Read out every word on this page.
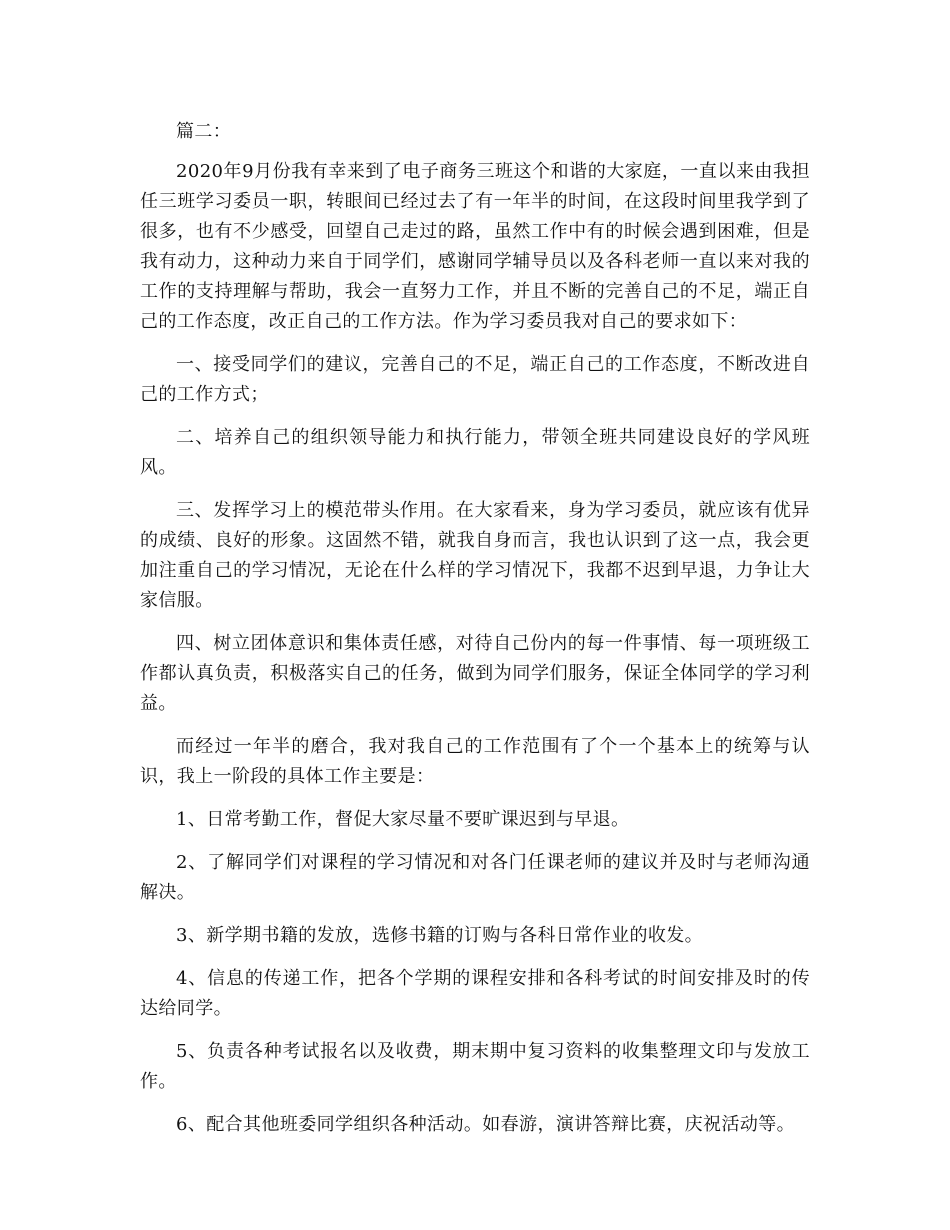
篇二：

2020年9月份我有幸来到了电子商务三班这个和谐的大家庭，一直以来由我担任三班学习委员一职，转眼间已经过去了有一年半的时间，在这段时间里我学到了很多，也有不少感受，回望自己走过的路，虽然工作中有的时候会遇到困难，但是我有动力，这种动力来自于同学们，感谢同学辅导员以及各科老师一直以来对我的工作的支持理解与帮助，我会一直努力工作，并且不断的完善自己的不足，端正自己的工作态度，改正自己的工作方法。作为学习委员我对自己的要求如下：

一、接受同学们的建议，完善自己的不足，端正自己的工作态度，不断改进自己的工作方式；

二、培养自己的组织领导能力和执行能力，带领全班共同建设良好的学风班风。

三、发挥学习上的模范带头作用。在大家看来，身为学习委员，就应该有优异的成绩、良好的形象。这固然不错，就我自身而言，我也认识到了这一点，我会更加注重自己的学习情况，无论在什么样的学习情况下，我都不迟到早退，力争让大家信服。

四、树立团体意识和集体责任感，对待自己份内的每一件事情、每一项班级工作都认真负责，积极落实自己的任务，做到为同学们服务，保证全体同学的学习利益。

而经过一年半的磨合，我对我自己的工作范围有了个一个基本上的统筹与认识，我上一阶段的具体工作主要是：

1、日常考勤工作，督促大家尽量不要旷课迟到与早退。

2、了解同学们对课程的学习情况和对各门任课老师的建议并及时与老师沟通解决。

3、新学期书籍的发放，选修书籍的订购与各科日常作业的收发。

4、信息的传递工作，把各个学期的课程安排和各科考试的时间安排及时的传达给同学。

5、负责各种考试报名以及收费，期末期中复习资料的收集整理文印与发放工作。

6、配合其他班委同学组织各种活动。如春游，演讲答辩比赛，庆祝活动等。
